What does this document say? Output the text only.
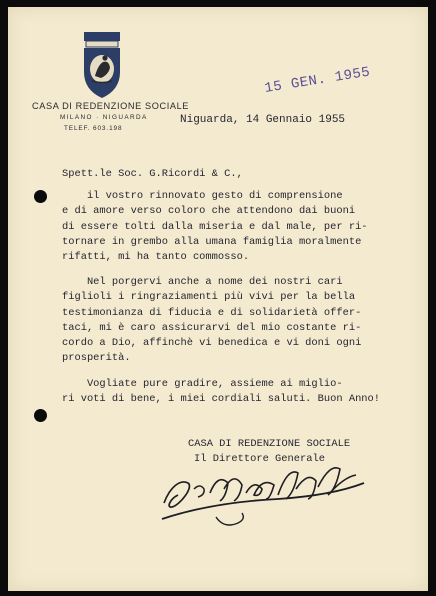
CASA DI REDENZIONE SOCIALE
MILANO · NIGUARDA
TELEF. 603.198
15 GEN. 1955

Niguarda, 14 Gennaio 1955

Spett.le Soc. G.Ricordi & C.,

il vostro rinnovato gesto di comprensione
e di amore verso coloro che attendono dai buoni
di essere tolti dalla miseria e dal male, per ri-
tornare in grembo alla umana famiglia moralmente
rifatti, mi ha tanto commosso.

Nel porgervi anche a nome dei nostri cari
figlioli i ringraziamenti più vivi per la bella
testimonianza di fiducia e di solidarietà offer-
taci, mi è caro assicurarvi del mio costante ri-
cordo a Dio, affinchè vi benedica e vi doni ogni
prosperità.

Vogliate pure gradire, assieme ai miglio-
ri voti di bene, i miei cordiali saluti. Buon Anno!

CASA DI REDENZIONE SOCIALE

Il Direttore Generale
